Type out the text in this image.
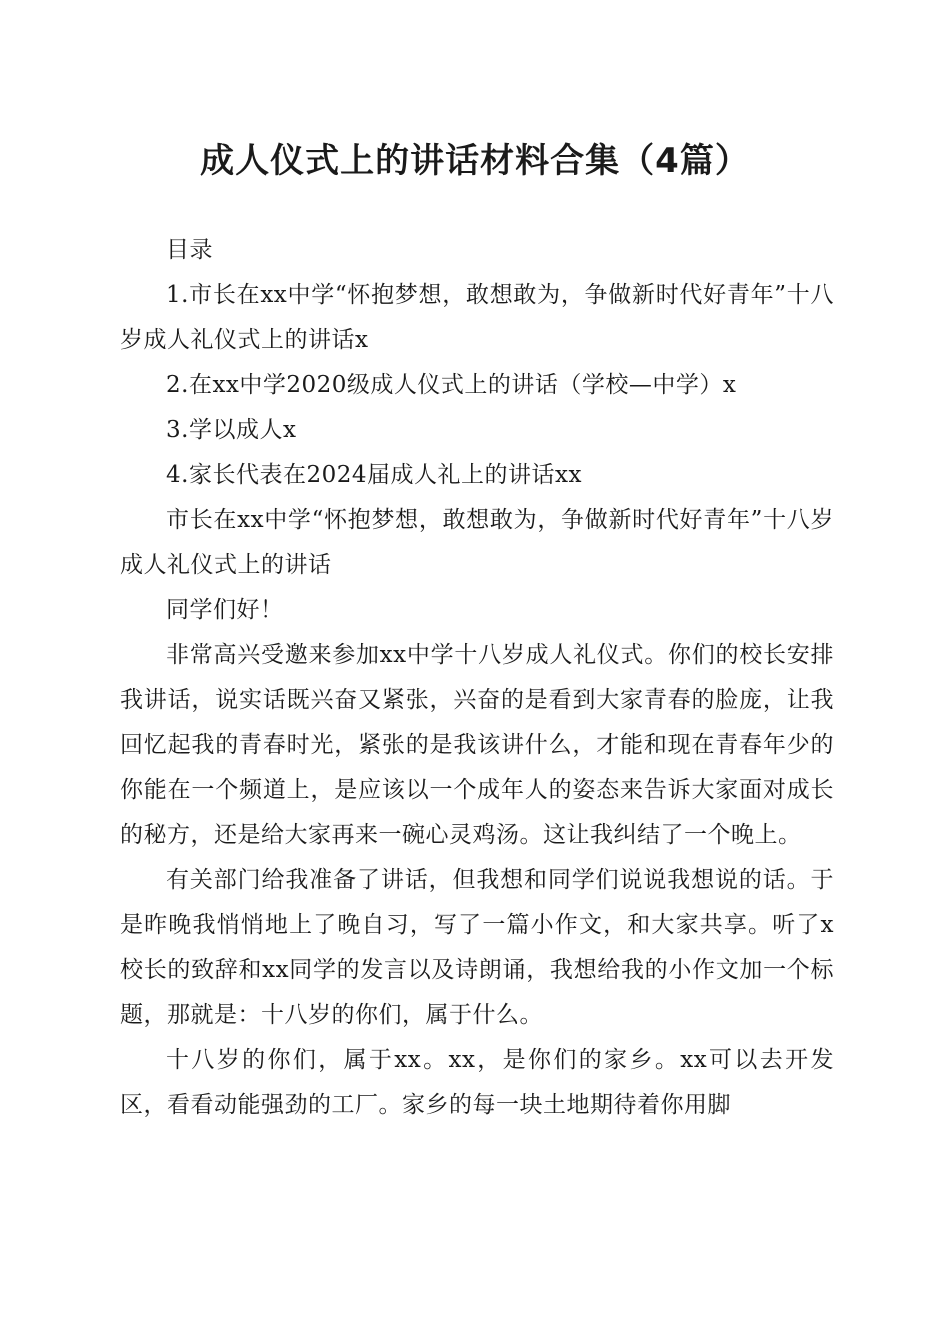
成人仪式上的讲话材料合集（4篇）

目录

1.市长在xx中学“怀抱梦想，敢想敢为，争做新时代好青年”十八岁成人礼仪式上的讲话x

2.在xx中学2020级成人仪式上的讲话（学校—中学）x

3.学以成人x

4.家长代表在2024届成人礼上的讲话xx

市长在xx中学“怀抱梦想，敢想敢为，争做新时代好青年”十八岁成人礼仪式上的讲话

同学们好！

非常高兴受邀来参加xx中学十八岁成人礼仪式。你们的校长安排我讲话，说实话既兴奋又紧张，兴奋的是看到大家青春的脸庞，让我回忆起我的青春时光，紧张的是我该讲什么，才能和现在青春年少的你能在一个频道上，是应该以一个成年人的姿态来告诉大家面对成长的秘方，还是给大家再来一碗心灵鸡汤。这让我纠结了一个晚上。

有关部门给我准备了讲话，但我想和同学们说说我想说的话。于是昨晚我悄悄地上了晚自习，写了一篇小作文，和大家共享。听了x校长的致辞和xx同学的发言以及诗朗诵，我想给我的小作文加一个标题，那就是：十八岁的你们，属于什么。

十八岁的你们，属于xx。xx，是你们的家乡。xx可以去开发区，看看动能强劲的工厂。家乡的每一块土地期待着你用脚
